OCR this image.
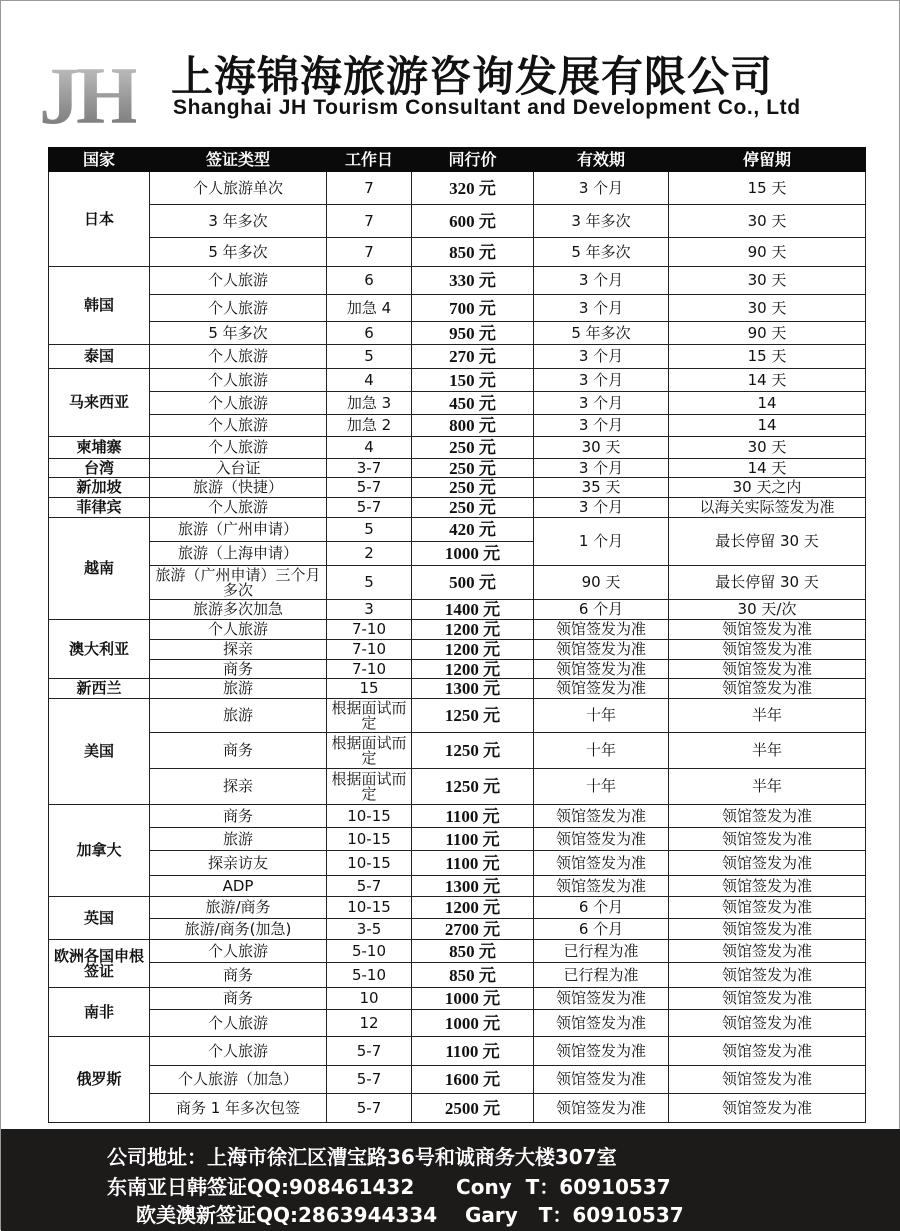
JH 上海锦海旅游咨询发展有限公司
Shanghai JH Tourism Consultant and Development Co., Ltd
国家	签证类型	工作日	同行价	有效期	停留期
日本	个人旅游单次	7	320 元	3 个月	15 天
	3 年多次	7	600 元	3 年多次	30 天
	5 年多次	7	850 元	5 年多次	90 天
韩国	个人旅游	6	330 元	3 个月	30 天
	个人旅游	加急 4	700 元	3 个月	30 天
	5 年多次	6	950 元	5 年多次	90 天
泰国	个人旅游	5	270 元	3 个月	15 天
马来西亚	个人旅游	4	150 元	3 个月	14 天
	个人旅游	加急 3	450 元	3 个月	14
	个人旅游	加急 2	800 元	3 个月	14
柬埔寨	个人旅游	4	250 元	30 天	30 天
台湾	入台证	3-7	250 元	3 个月	14 天
新加坡	旅游（快捷）	5-7	250 元	35 天	30 天之内
菲律宾	个人旅游	5-7	250 元	3 个月	以海关实际签发为准
越南	旅游（广州申请）	5	420 元	1 个月	最长停留 30 天
	旅游（上海申请）	2	1000 元		
	旅游（广州申请）三个月多次	5	500 元	90 天	最长停留 30 天
	旅游多次加急	3	1400 元	6 个月	30 天/次
澳大利亚	个人旅游	7-10	1200 元	领馆签发为准	领馆签发为准
	探亲	7-10	1200 元	领馆签发为准	领馆签发为准
	商务	7-10	1200 元	领馆签发为准	领馆签发为准
新西兰	旅游	15	1300 元	领馆签发为准	领馆签发为准
美国	旅游	根据面试而定	1250 元	十年	半年
	商务	根据面试而定	1250 元	十年	半年
	探亲	根据面试而定	1250 元	十年	半年
加拿大	商务	10-15	1100 元	领馆签发为准	领馆签发为准
	旅游	10-15	1100 元	领馆签发为准	领馆签发为准
	探亲访友	10-15	1100 元	领馆签发为准	领馆签发为准
	ADP	5-7	1300 元	领馆签发为准	领馆签发为准
英国	旅游/商务	10-15	1200 元	6 个月	领馆签发为准
	旅游/商务(加急)	3-5	2700 元	6 个月	领馆签发为准
欧洲各国申根签证	个人旅游	5-10	850 元	已行程为准	领馆签发为准
	商务	5-10	850 元	已行程为准	领馆签发为准
南非	商务	10	1000 元	领馆签发为准	领馆签发为准
	个人旅游	12	1000 元	领馆签发为准	领馆签发为准
俄罗斯	个人旅游	5-7	1100 元	领馆签发为准	领馆签发为准
	个人旅游（加急）	5-7	1600 元	领馆签发为准	领馆签发为准
	商务 1 年多次包签	5-7	2500 元	领馆签发为准	领馆签发为准
公司地址：上海市徐汇区漕宝路36号和诚商务大楼307室
东南亚日韩签证QQ:908461432      Cony  T：60910537
欧美澳新签证QQ:2863944334    Gary   T：60910537
